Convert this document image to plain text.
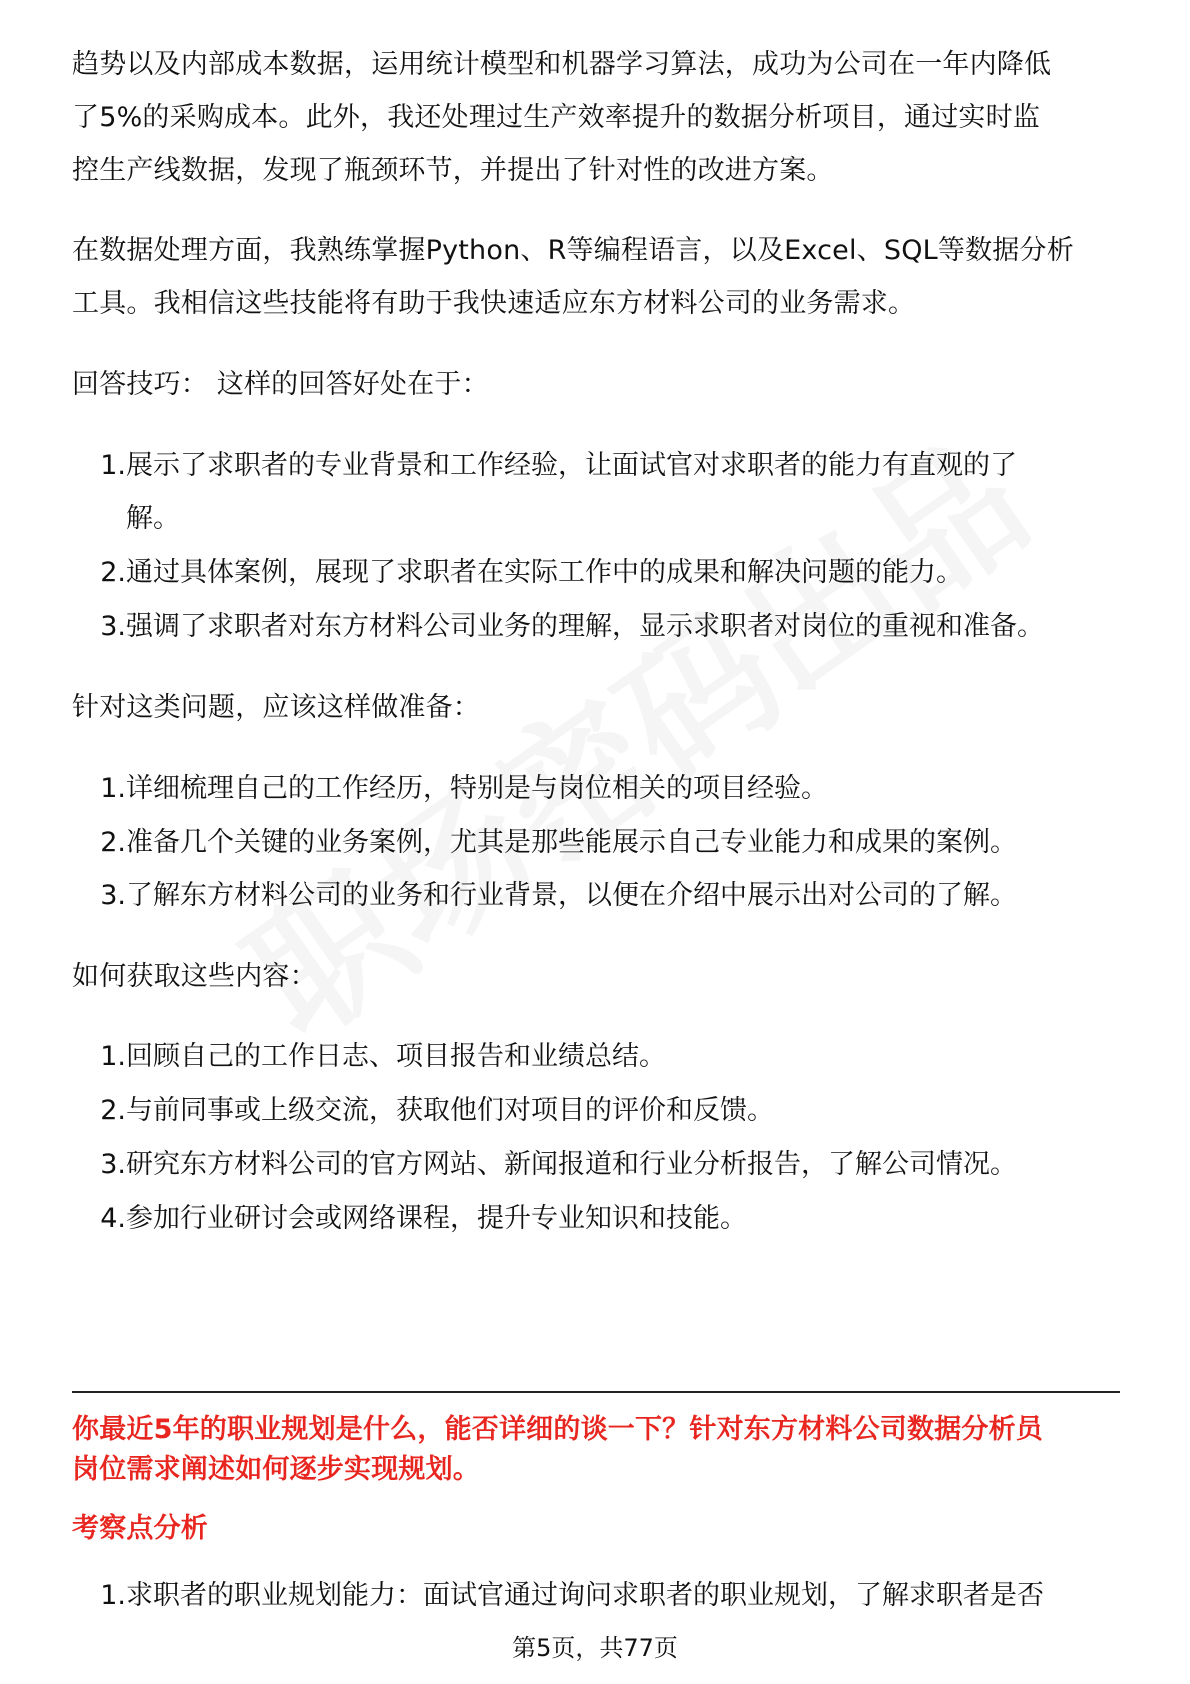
趋势以及内部成本数据，运用统计模型和机器学习算法，成功为公司在一年内降低
了5%的采购成本。此外，我还处理过生产效率提升的数据分析项目，通过实时监
控生产线数据，发现了瓶颈环节，并提出了针对性的改进方案。
在数据处理方面，我熟练掌握Python、R等编程语言，以及Excel、SQL等数据分析
工具。我相信这些技能将有助于我快速适应东方材料公司的业务需求。
回答技巧： 这样的回答好处在于：
1. 展示了求职者的专业背景和工作经验，让面试官对求职者的能力有直观的了
解。
2. 通过具体案例，展现了求职者在实际工作中的成果和解决问题的能力。
3. 强调了求职者对东方材料公司业务的理解，显示求职者对岗位的重视和准备。
针对这类问题，应该这样做准备：
1. 详细梳理自己的工作经历，特别是与岗位相关的项目经验。
2. 准备几个关键的业务案例，尤其是那些能展示自己专业能力和成果的案例。
3. 了解东方材料公司的业务和行业背景，以便在介绍中展示出对公司的了解。
如何获取这些内容：
1. 回顾自己的工作日志、项目报告和业绩总结。
2. 与前同事或上级交流，获取他们对项目的评价和反馈。
3. 研究东方材料公司的官方网站、新闻报道和行业分析报告，了解公司情况。
4. 参加行业研讨会或网络课程，提升专业知识和技能。
你最近5年的职业规划是什么，能否详细的谈一下？针对东方材料公司数据分析员
岗位需求阐述如何逐步实现规划。
考察点分析
1. 求职者的职业规划能力：面试官通过询问求职者的职业规划，了解求职者是否
第5页，共77页
